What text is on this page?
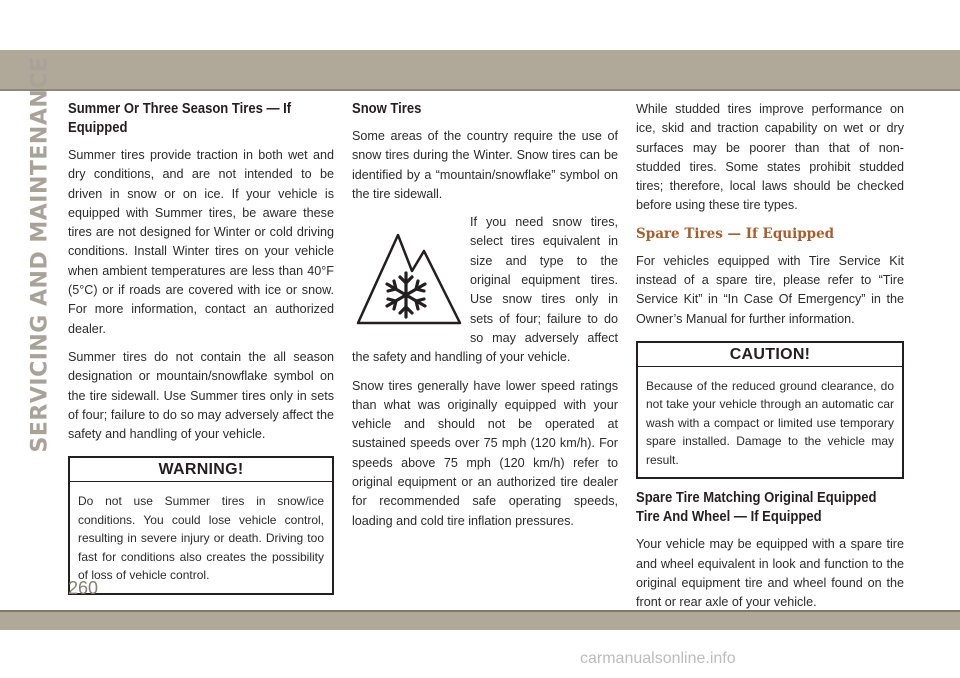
SERVICING AND MAINTENANCE Summer Or Three Season Tires — If Equipped

Summer tires provide traction in both wet and dry conditions, and are not intended to be driven in snow or on ice. If your vehicle is equipped with Summer tires, be aware these tires are not designed for Winter or cold driving conditions. Install Winter tires on your vehicle when ambient temperatures are less than 40°F (5°C) or if roads are covered with ice or snow. For more information, contact an authorized dealer.

Summer tires do not contain the all season designation or mountain/snowflake symbol on the tire sidewall. Use Summer tires only in sets of four; failure to do so may adversely affect the safety and handling of your vehicle.

WARNING!
Do not use Summer tires in snow/ice conditions. You could lose vehicle control, resulting in severe injury or death. Driving too fast for conditions also creates the possibility of loss of vehicle control.
Snow Tires

Some areas of the country require the use of snow tires during the Winter. Snow tires can be identified by a “mountain/snowflake” symbol on the tire sidewall.

If you need snow tires, select tires equivalent in size and type to the original equipment tires. Use snow tires only in sets of four; failure to do so may adversely affect the safety and handling of your vehicle.

Snow tires generally have lower speed ratings than what was originally equipped with your vehicle and should not be operated at sustained speeds over 75 mph (120 km/h). For speeds above 75 mph (120 km/h) refer to original equipment or an authorized tire dealer for recommended safe operating speeds, loading and cold tire inflation pressures.

While studded tires improve performance on ice, skid and traction capability on wet or dry surfaces may be poorer than that of non-studded tires. Some states prohibit studded tires; therefore, local laws should be checked before using these tire types.

Spare Tires — If Equipped

For vehicles equipped with Tire Service Kit instead of a spare tire, please refer to “Tire Service Kit” in “In Case Of Emergency” in the Owner’s Manual for further information.

CAUTION!
Because of the reduced ground clearance, do not take your vehicle through an automatic car wash with a compact or limited use temporary spare installed. Damage to the vehicle may result.
Spare Tire Matching Original Equipped Tire And Wheel — If Equipped

Your vehicle may be equipped with a spare tire and wheel equivalent in look and function to the original equipment tire and wheel found on the front or rear axle of your vehicle.

260
carmanualsonline.info
